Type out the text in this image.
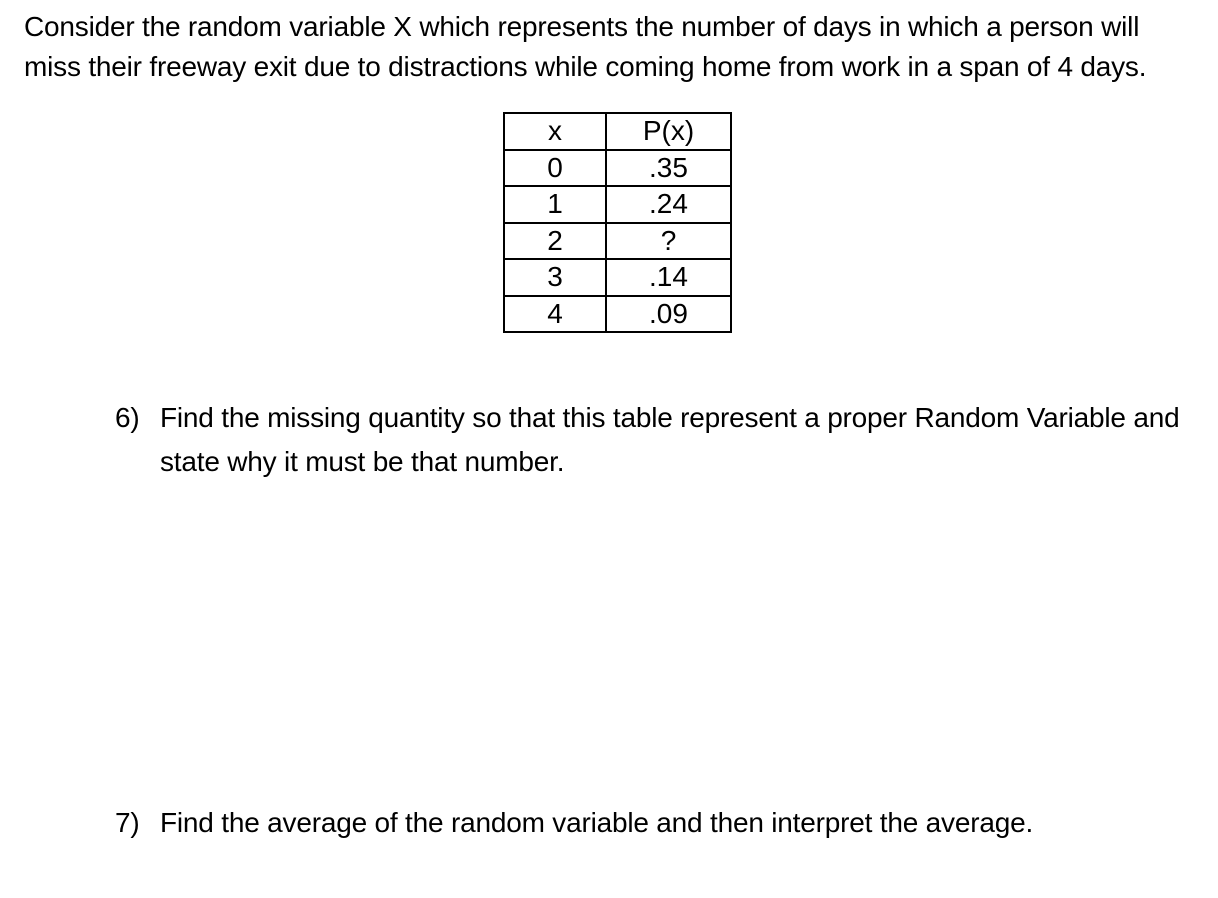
Consider the random variable X which represents the number of days in which a person will miss their freeway exit due to distractions while coming home from work in a span of 4 days.

x	P(x)
0	.35
1	.24
2	?
3	.14
4	.09
6) Find the missing quantity so that this table represent a proper Random Variable and state why it must be that number.
7) Find the average of the random variable and then interpret the average.
